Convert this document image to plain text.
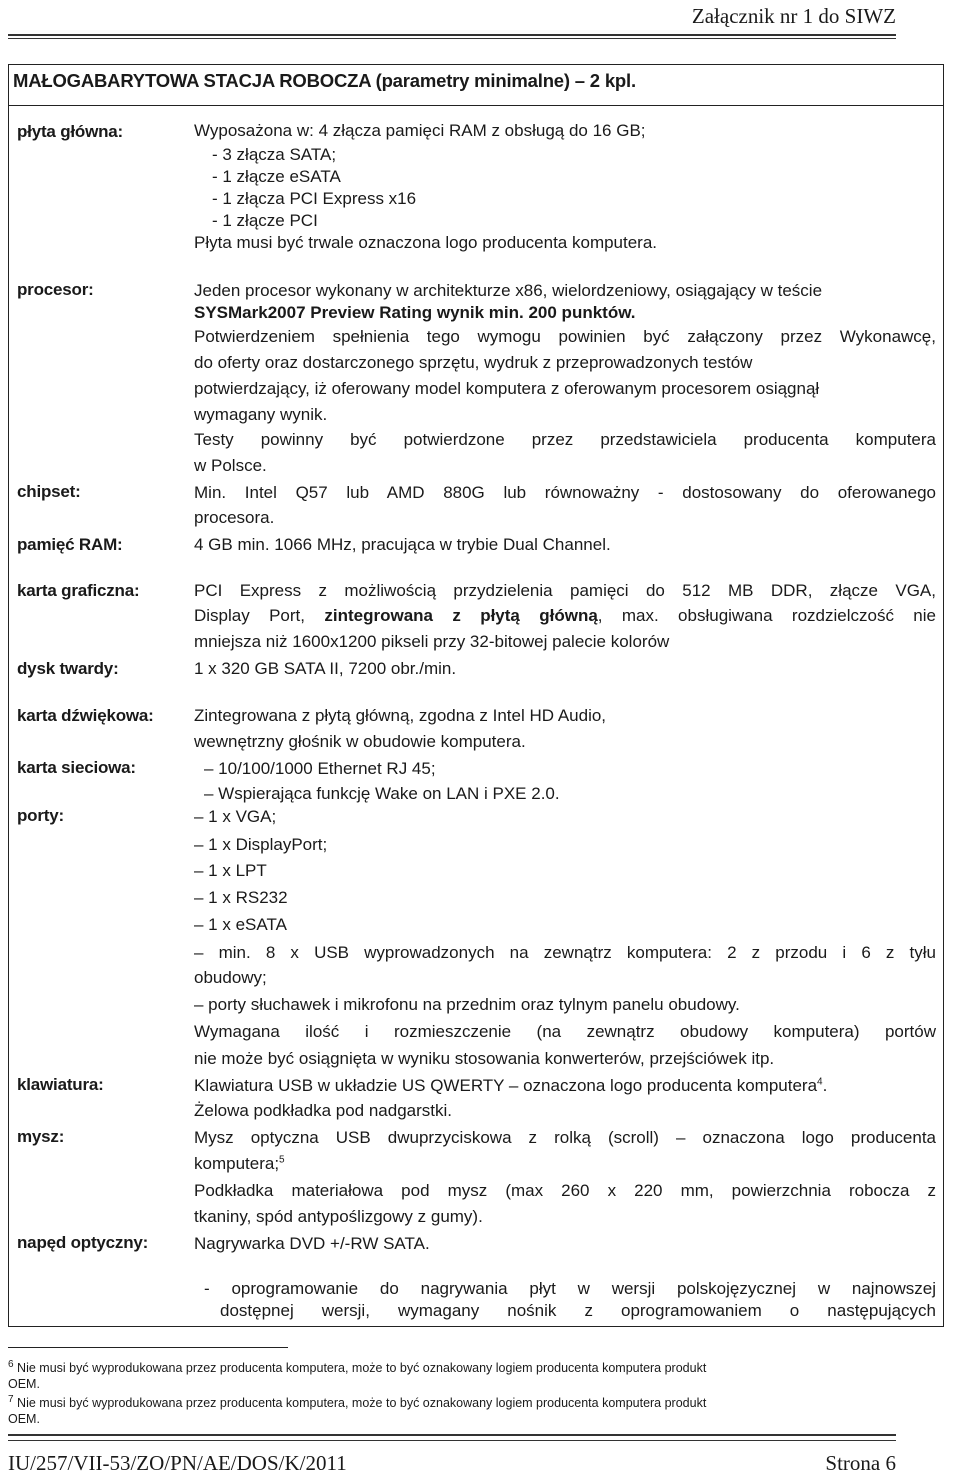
Załącznik nr 1 do SIWZ
MAŁOGABARYTOWA STACJA ROBOCZA (parametry minimalne) – 2 kpl.
płyta główna:	Wyposażona w: 4 złącza pamięci RAM z obsługą do 16 GB;
- 3 złącza SATA;
- 1 złącze eSATA
- 1 złącza PCI Express x16
- 1 złącze PCI
Płyta musi być trwale oznaczona logo producenta komputera.
procesor:	Jeden procesor wykonany w architekturze x86, wielordzeniowy, osiągający w teście
SYSMark2007 Preview Rating wynik min. 200 punktów.
Potwierdzeniem spełnienia tego wymogu powinien być załączony przez Wykonawcę,
do oferty oraz dostarczonego sprzętu, wydruk z przeprowadzonych testów
potwierdzający, iż oferowany model komputera z oferowanym procesorem osiągnął
wymagany wynik.
Testy powinny być potwierdzone przez przedstawiciela producenta komputera
w Polsce.
chipset:	Min. Intel Q57 lub AMD 880G lub równoważny - dostosowany do oferowanego
procesora.
pamięć RAM:	4 GB min. 1066 MHz, pracująca w trybie Dual Channel.
karta graficzna:	PCI Express z możliwością przydzielenia pamięci do 512 MB DDR, złącze VGA,
Display Port, zintegrowana z płytą główną, max. obsługiwana rozdzielczość nie
mniejsza niż 1600x1200 pikseli przy 32-bitowej palecie kolorów
dysk twardy:	1 x 320 GB SATA II, 7200 obr./min.
karta dźwiękowa: Zintegrowana z płytą główną, zgodna z Intel HD Audio,
wewnętrzny głośnik w obudowie komputera.
karta sieciowa:	– 10/100/1000 Ethernet RJ 45;
– Wspierająca funkcję Wake on LAN i PXE 2.0.
porty:	– 1 x VGA;
– 1 x DisplayPort;
– 1 x LPT
– 1 x RS232
– 1 x eSATA
– min. 8 x USB wyprowadzonych na zewnątrz komputera: 2 z przodu i 6 z tyłu
obudowy;
– porty słuchawek i mikrofonu na przednim oraz tylnym panelu obudowy.
Wymagana ilość i rozmieszczenie (na zewnątrz obudowy komputera) portów
nie może być osiągnięta w wyniku stosowania konwerterów, przejściówek itp.
klawiatura:	Klawiatura USB w układzie US QWERTY – oznaczona logo producenta komputera$^4$.
Żelowa podkładka pod nadgarstki.
mysz:	Mysz optyczna USB dwuprzyciskowa z rolką (scroll) – oznaczona logo producenta
komputera;$^5$
Podkładka materiałowa pod mysz (max 260 x 220 mm, powierzchnia robocza z
tkaniny, spód antypoślizgowy z gumy).
napęd optyczny:	Nagrywarka DVD +/-RW SATA.
- oprogramowanie do nagrywania płyt w wersji polskojęzycznej w najnowszej
dostępnej wersji, wymagany nośnik z oprogramowaniem o następujących
$^6$ Nie musi być wyprodukowana przez producenta komputera, może to być oznakowany logiem producenta komputera produkt
OEM.
$^7$ Nie musi być wyprodukowana przez producenta komputera, może to być oznakowany logiem producenta komputera produkt
OEM.
IU/257/VII-53/ZO/PN/AE/DOS/K/2011	Strona 6
